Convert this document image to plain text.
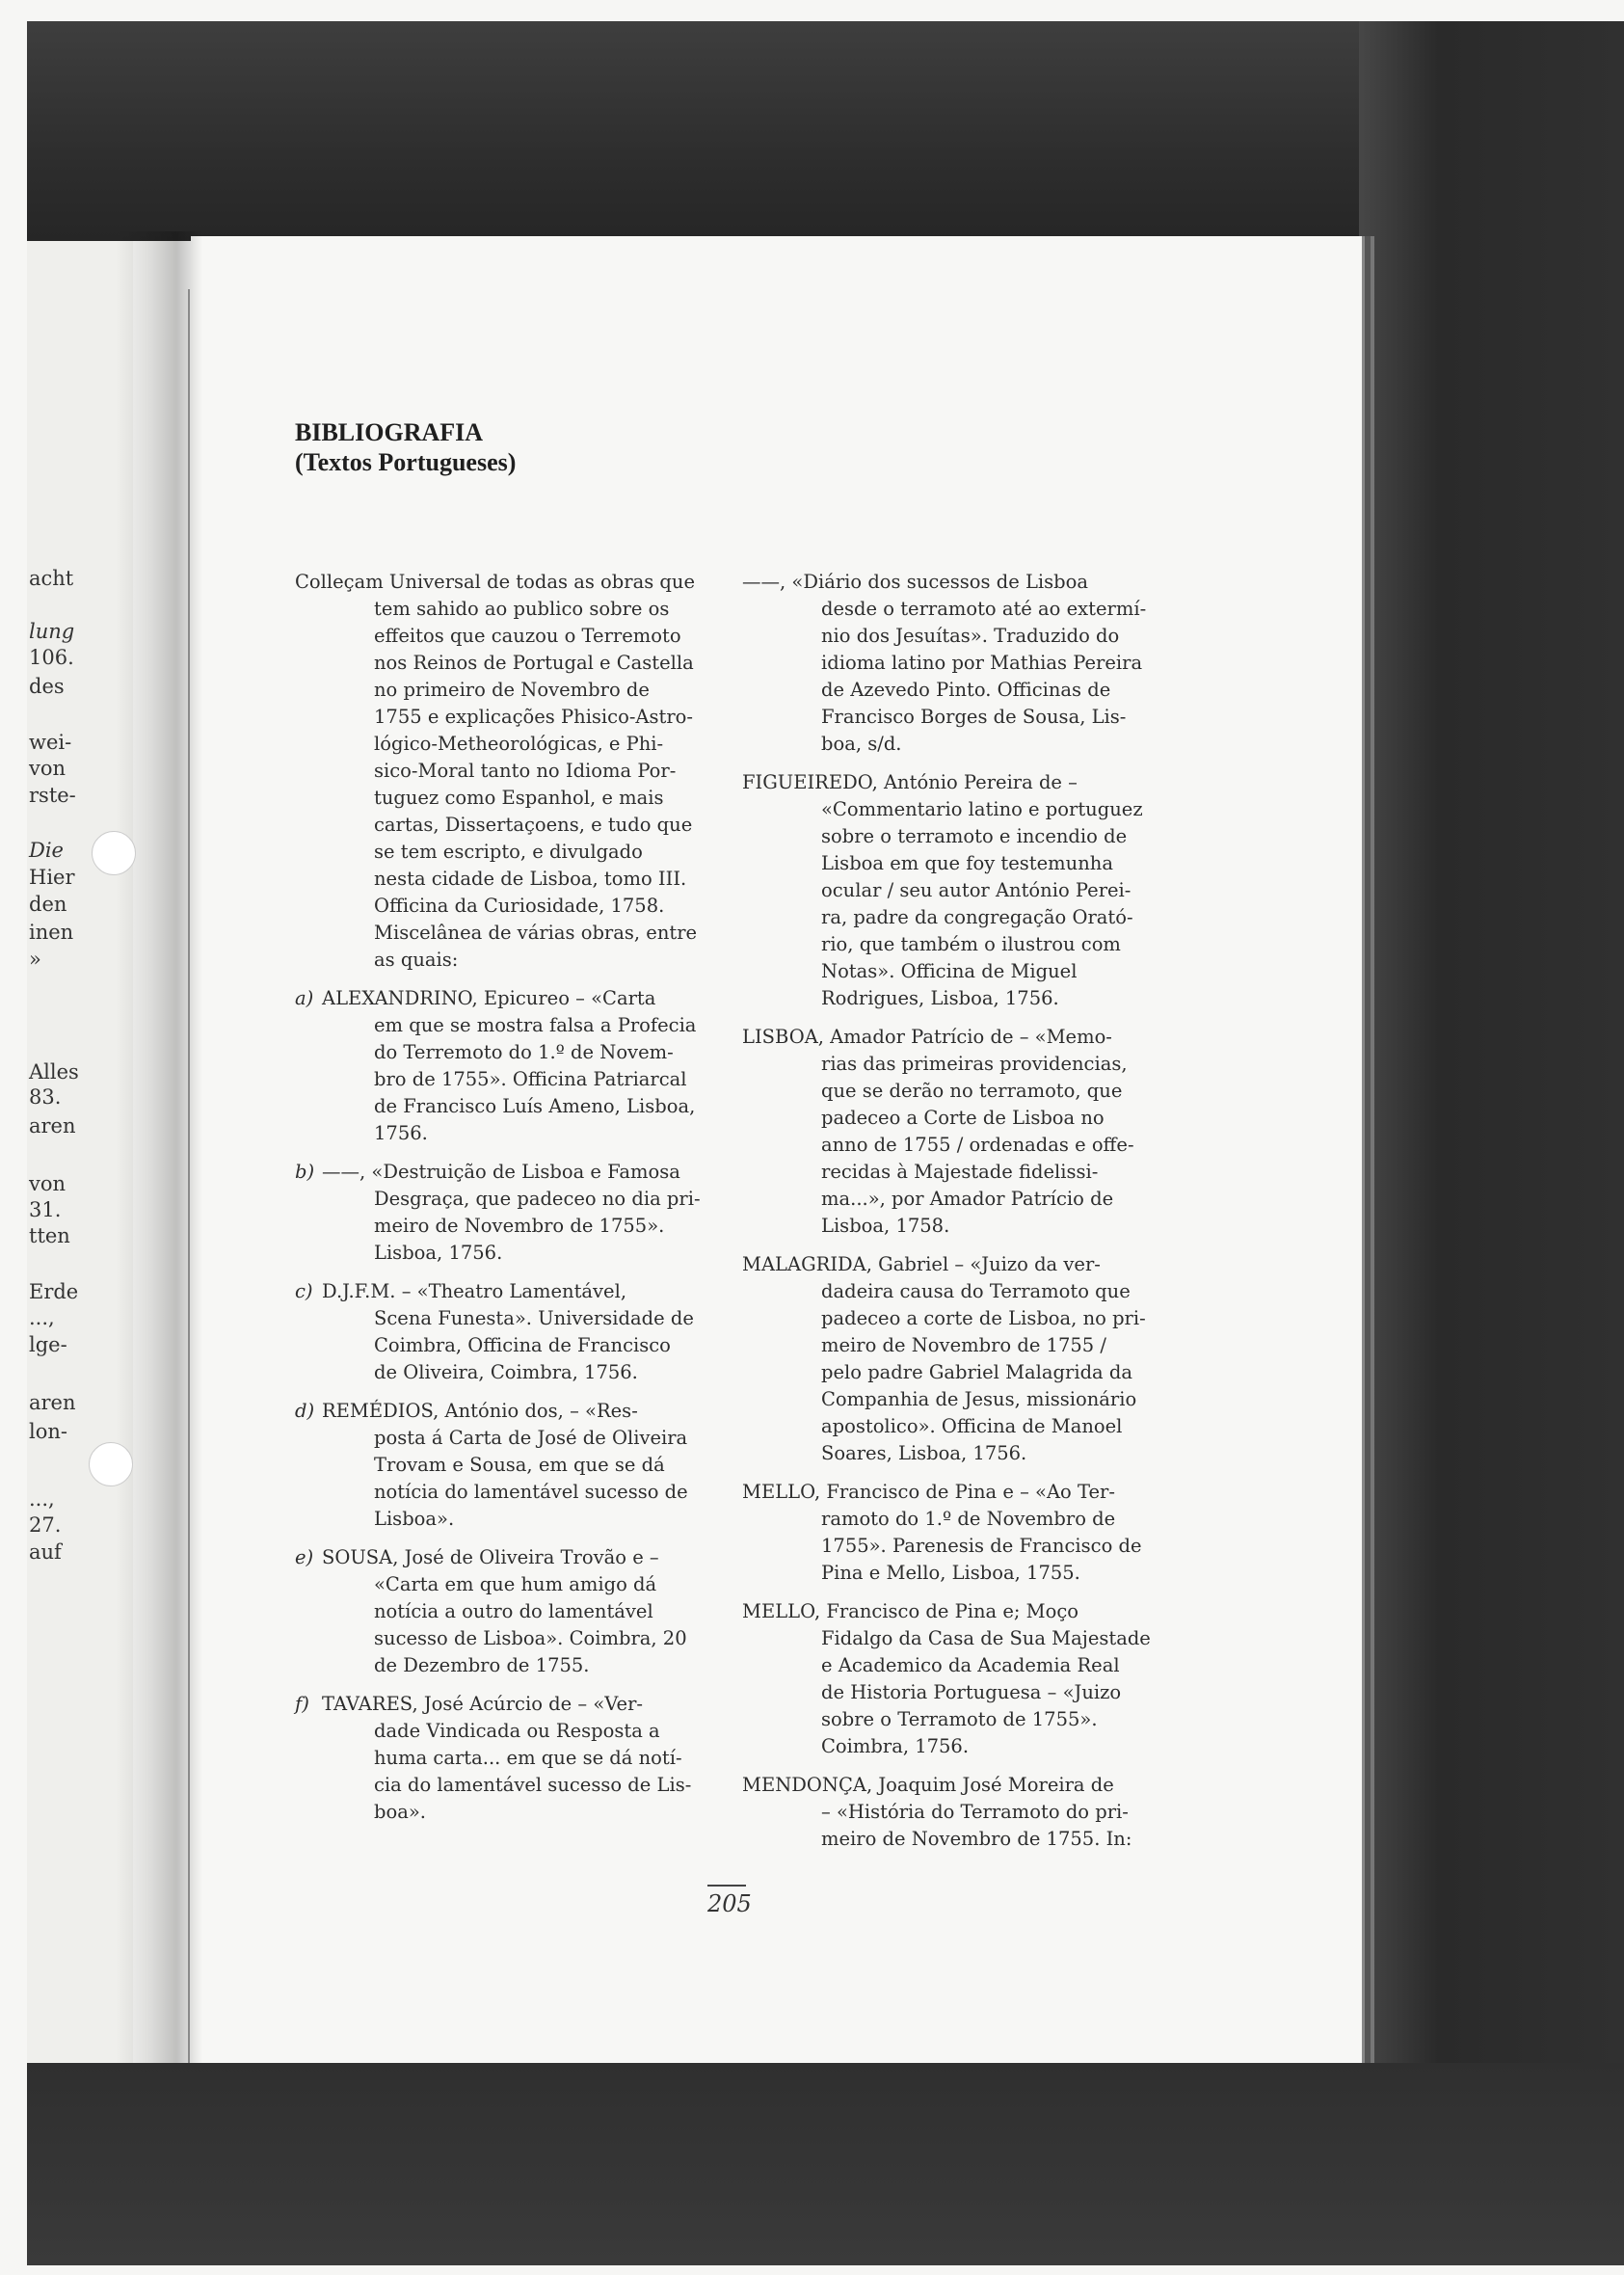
acht
lung
106.
des
wei-
von
rste-
Die
Hier
den
inen
»
Alles
83.
aren
von
31.
tten
Erde
...,
lge-
aren
lon-
...,
27.
auf
BIBLIOGRAFIA
(Textos Portugueses)
Colleçam Universal de todas as obras que
tem sahido ao publico sobre os
effeitos que cauzou o Terremoto
nos Reinos de Portugal e Castella
no primeiro de Novembro de
1755 e explicações Phisico-Astro-
lógico-Metheorológicas, e Phi-
sico-Moral tanto no Idioma Por-
tuguez como Espanhol, e mais
cartas, Dissertaçoens, e tudo que
se tem escripto, e divulgado
nesta cidade de Lisboa, tomo III.
Officina da Curiosidade, 1758.
Miscelânea de várias obras, entre
as quais:
a) ALEXANDRINO, Epicureo – «Carta
em que se mostra falsa a Profecia
do Terremoto do 1.º de Novem-
bro de 1755». Officina Patriarcal
de Francisco Luís Ameno, Lisboa,
1756.
b) ——, «Destruição de Lisboa e Famosa
Desgraça, que padeceo no dia pri-
meiro de Novembro de 1755».
Lisboa, 1756.
c) D.J.F.M. – «Theatro Lamentável,
Scena Funesta». Universidade de
Coimbra, Officina de Francisco
de Oliveira, Coimbra, 1756.
d) REMÉDIOS, António dos, – «Res-
posta á Carta de José de Oliveira
Trovam e Sousa, em que se dá
notícia do lamentável sucesso de
Lisboa».
e) SOUSA, José de Oliveira Trovão e –
«Carta em que hum amigo dá
notícia a outro do lamentável
sucesso de Lisboa». Coimbra, 20
de Dezembro de 1755.
f) TAVARES, José Acúrcio de – «Ver-
dade Vindicada ou Resposta a
huma carta... em que se dá notí-
cia do lamentável sucesso de Lis-
boa».
——, «Diário dos sucessos de Lisboa
desde o terramoto até ao extermí-
nio dos Jesuítas». Traduzido do
idioma latino por Mathias Pereira
de Azevedo Pinto. Officinas de
Francisco Borges de Sousa, Lis-
boa, s/d.
FIGUEIREDO, António Pereira de –
«Commentario latino e portuguez
sobre o terramoto e incendio de
Lisboa em que foy testemunha
ocular / seu autor António Perei-
ra, padre da congregação Orató-
rio, que também o ilustrou com
Notas». Officina de Miguel
Rodrigues, Lisboa, 1756.
LISBOA, Amador Patrício de – «Memo-
rias das primeiras providencias,
que se derão no terramoto, que
padeceo a Corte de Lisboa no
anno de 1755 / ordenadas e offe-
recidas à Majestade fidelissi-
ma...», por Amador Patrício de
Lisboa, 1758.
MALAGRIDA, Gabriel – «Juizo da ver-
dadeira causa do Terramoto que
padeceo a corte de Lisboa, no pri-
meiro de Novembro de 1755 /
pelo padre Gabriel Malagrida da
Companhia de Jesus, missionário
apostolico». Officina de Manoel
Soares, Lisboa, 1756.
MELLO, Francisco de Pina e – «Ao Ter-
ramoto do 1.º de Novembro de
1755». Parenesis de Francisco de
Pina e Mello, Lisboa, 1755.
MELLO, Francisco de Pina e; Moço
Fidalgo da Casa de Sua Majestade
e Academico da Academia Real
de Historia Portuguesa – «Juizo
sobre o Terramoto de 1755».
Coimbra, 1756.
MENDONÇA, Joaquim José Moreira de
– «História do Terramoto do pri-
meiro de Novembro de 1755. In:
205
